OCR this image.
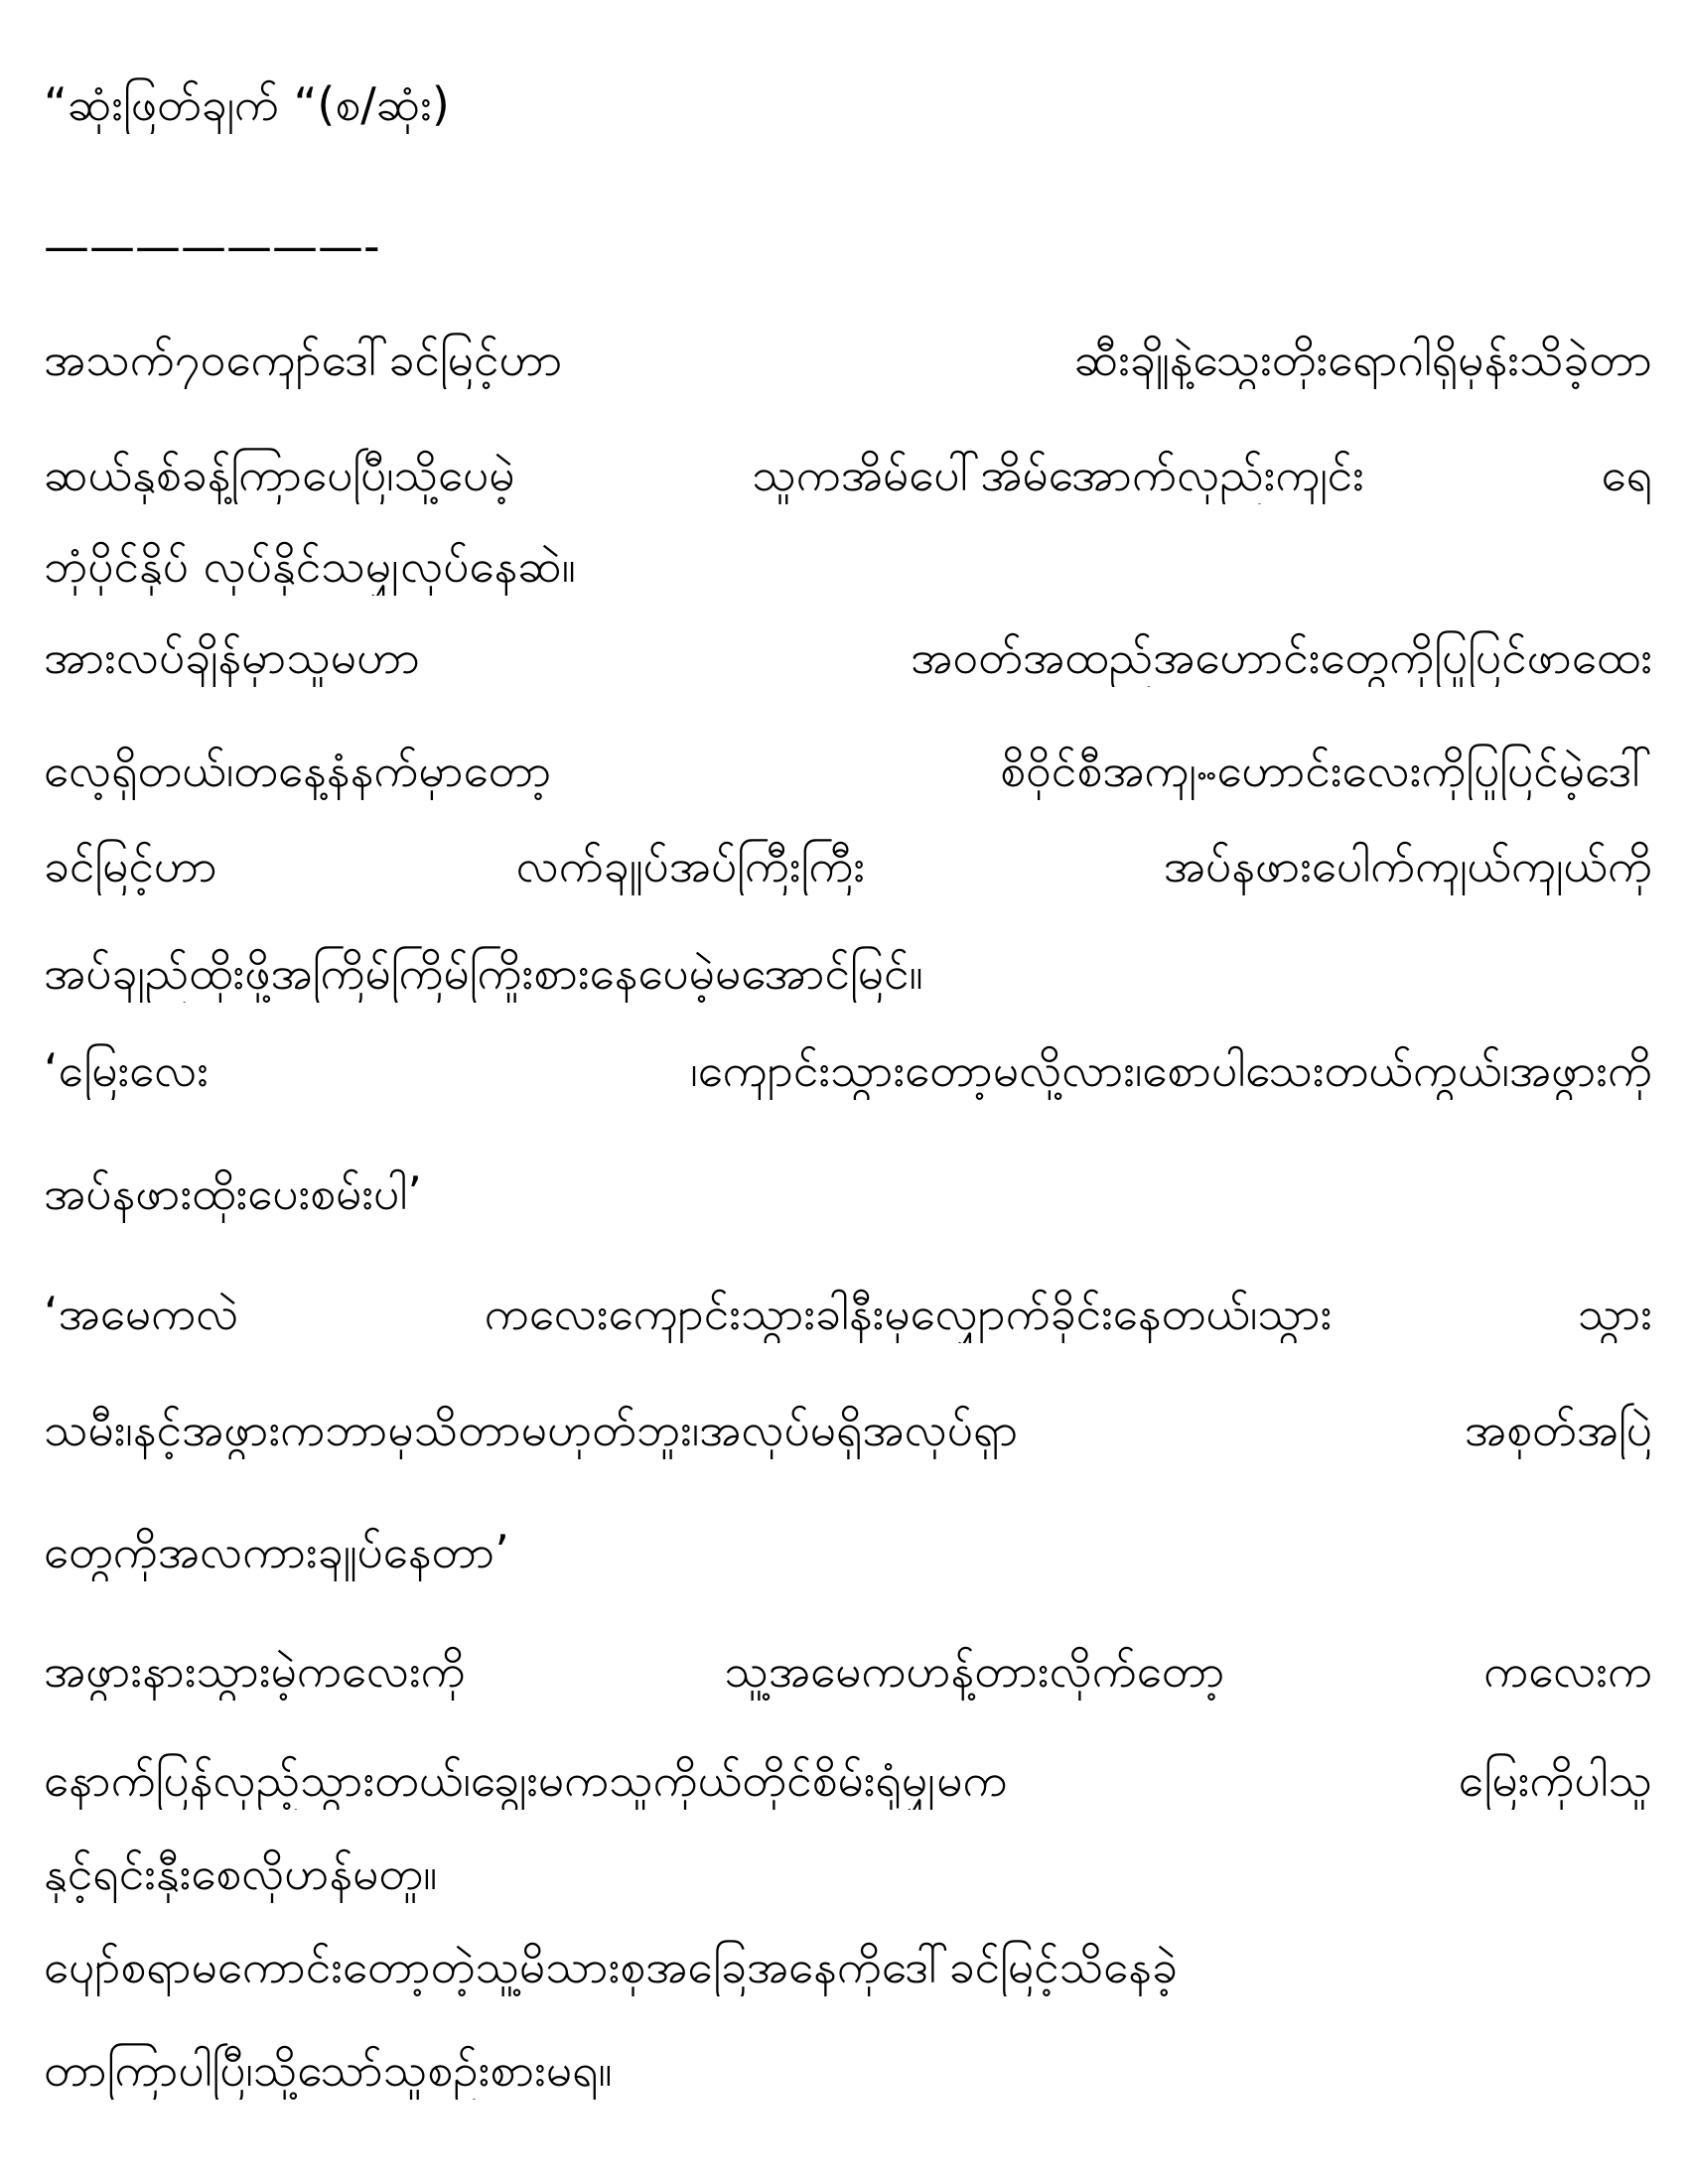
“ဆုံးဖြတ်ချက် “(စ/ဆုံး)
———————-
အသက်၇၀ကျော်ဒေါ်ခင်မြင့်ဟာ ဆီးချိုနဲ့သွေးတိုးရောဂါရှိမှန်းသိခဲ့တာ
ဆယ်နှစ်ခန့်ကြာပေပြီ၊သို့ပေမဲ့ သူကအိမ်ပေါ်အိမ်အောက်လှည်းကျင်း ရေ
ဘုံပိုင်နှိပ် လုပ်နိုင်သမျှလုပ်နေဆဲ။
အားလပ်ချိန်မှာသူမဟာ အဝတ်အထည်အဟောင်းတွေကိုပြုပြင်ဖာထေး
လေ့ရှိတယ်၊တနေ့နံနက်မှာတော့ စိဝိုင်စီအကျႌဟောင်းလေးကိုပြုပြင်မဲ့ဒေါ်
ခင်မြင့်ဟာ လက်ချုပ်အပ်ကြီးကြီး အပ်နဖားပေါက်ကျယ်ကျယ်ကို
အပ်ချည်ထိုးဖို့အကြိမ်ကြိမ်ကြိုးစားနေပေမဲ့မအောင်မြင်။
‘မြေးလေး ၊ကျောင်းသွားတော့မလို့လား၊စောပါသေးတယ်ကွယ်၊အဖွားကို
အပ်နဖားထိုးပေးစမ်းပါ’
‘အမေကလဲ ကလေးကျောင်းသွားခါနီးမှလျှောက်ခိုင်းနေတယ်၊သွား သွား
သမီး၊နင့်အဖွားကဘာမှသိတာမဟုတ်ဘူး၊အလုပ်မရှိအလုပ်ရှာ အစုတ်အပြဲ
တွေကိုအလကားချုပ်နေတာ’
အဖွားနားသွားမဲ့ကလေးကို သူ့အမေကဟန့်တားလိုက်တော့ ကလေးက
နောက်ပြန်လှည့်သွားတယ်၊ချွေးမကသူကိုယ်တိုင်စိမ်းရုံမျှမက မြေးကိုပါသူ
နှင့်ရင်းနှီးစေလိုဟန်မတူ။
ပျော်စရာမကောင်းတော့တဲ့သူ့မိသားစုအခြေအနေကိုဒေါ်ခင်မြင့်သိနေခဲ့
တာကြာပါပြီ၊သို့သော်သူစဉ်းစားမရ။
